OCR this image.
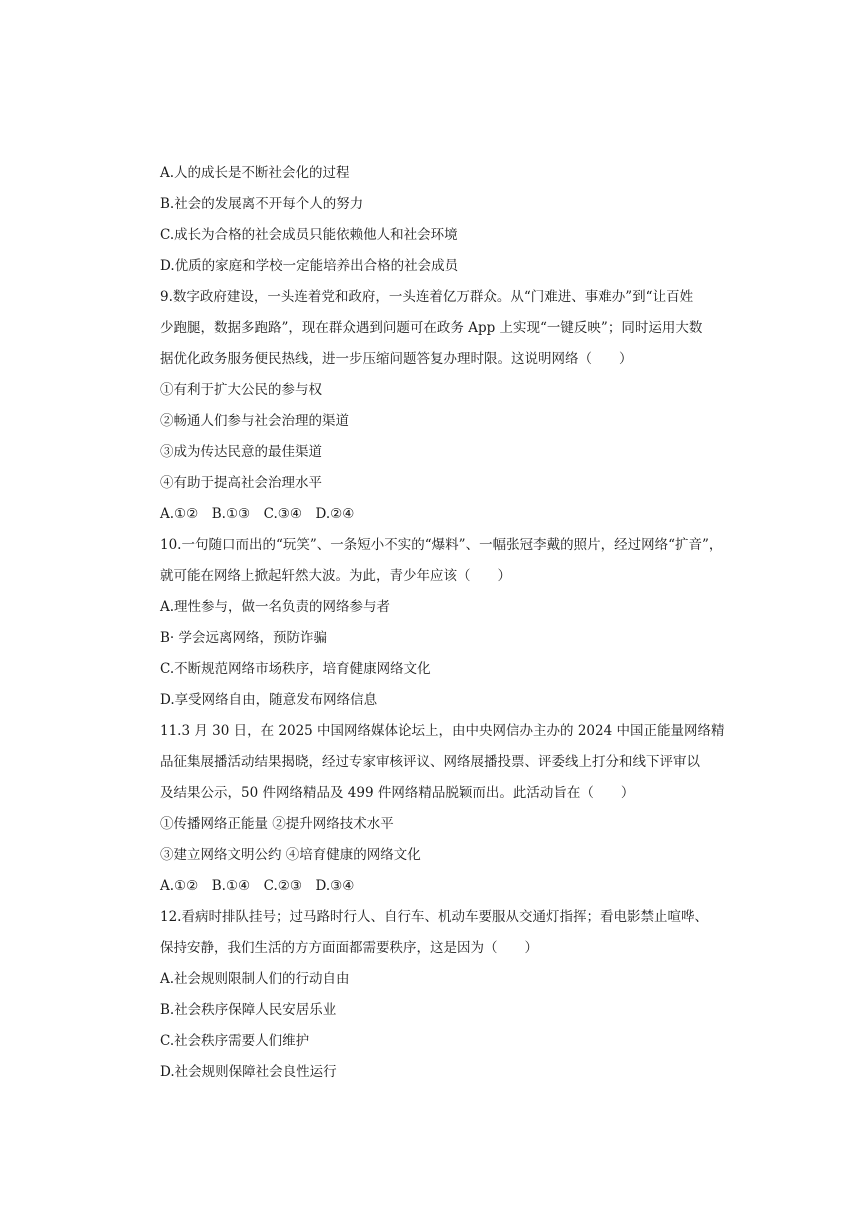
A.人的成长是不断社会化的过程
B.社会的发展离不开每个人的努力
C.成长为合格的社会成员只能依赖他人和社会环境
D.优质的家庭和学校一定能培养出合格的社会成员
9.数字政府建设，一头连着党和政府，一头连着亿万群众。从“门难进、事难办”到“让百姓
少跑腿，数据多跑路”，现在群众遇到问题可在政务 App 上实现“一键反映”；同时运用大数
据优化政务服务便民热线，进一步压缩问题答复办理时限。这说明网络（　　）
①有利于扩大公民的参与权
②畅通人们参与社会治理的渠道
③成为传达民意的最佳渠道
④有助于提高社会治理水平
A.①②　B.①③　C.③④　D.②④
10.一句随口而出的“玩笑”、一条短小不实的“爆料”、一幅张冠李戴的照片，经过网络“扩音”，
就可能在网络上掀起轩然大波。为此，青少年应该（　　）
A.理性参与，做一名负责的网络参与者
B· 学会远离网络，预防诈骗
C.不断规范网络市场秩序，培育健康网络文化
D.享受网络自由，随意发布网络信息
11.3 月 30 日，在 2025 中国网络媒体论坛上，由中央网信办主办的 2024 中国正能量网络精
品征集展播活动结果揭晓，经过专家审核评议、网络展播投票、评委线上打分和线下评审以
及结果公示，50 件网络精品及 499 件网络精品脱颖而出。此活动旨在（　　）
①传播网络正能量 ②提升网络技术水平
③建立网络文明公约 ④培育健康的网络文化
A.①②　B.①④　C.②③　D.③④
12.看病时排队挂号；过马路时行人、自行车、机动车要服从交通灯指挥；看电影禁止喧哗、
保持安静，我们生活的方方面面都需要秩序，这是因为（　　）
A.社会规则限制人们的行动自由
B.社会秩序保障人民安居乐业
C.社会秩序需要人们维护
D.社会规则保障社会良性运行
